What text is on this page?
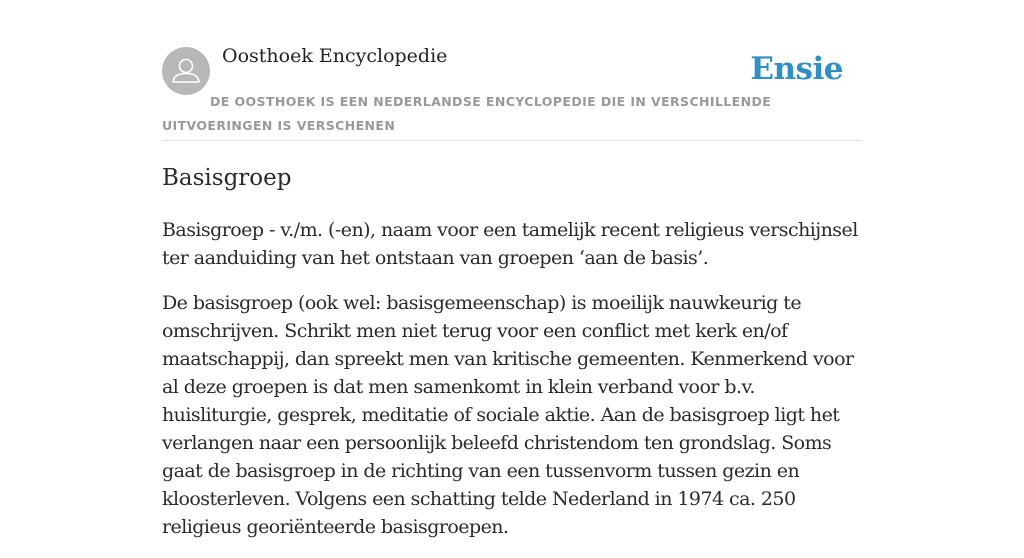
Oosthoek Encyclopedie	Ensie
DE OOSTHOEK IS EEN NEDERLANDSE ENCYCLOPEDIE DIE IN VERSCHILLENDE UITVOERINGEN IS VERSCHENEN
Basisgroep

Basisgroep - v./m. (-en), naam voor een tamelijk recent religieus verschijnsel ter aanduiding van het ontstaan van groepen ‘aan de basis’.

De basisgroep (ook wel: basisgemeenschap) is moeilijk nauwkeurig te omschrijven. Schrikt men niet terug voor een conflict met kerk en/of maatschappij, dan spreekt men van kritische gemeenten. Kenmerkend voor al deze groepen is dat men samenkomt in klein verband voor b.v. huisliturgie, gesprek, meditatie of sociale aktie. Aan de basisgroep ligt het verlangen naar een persoonlijk beleefd christendom ten grondslag. Soms gaat de basisgroep in de richting van een tussenvorm tussen gezin en kloosterleven. Volgens een schatting telde Nederland in 1974 ca. 250 religieus georiënteerde basisgroepen.
